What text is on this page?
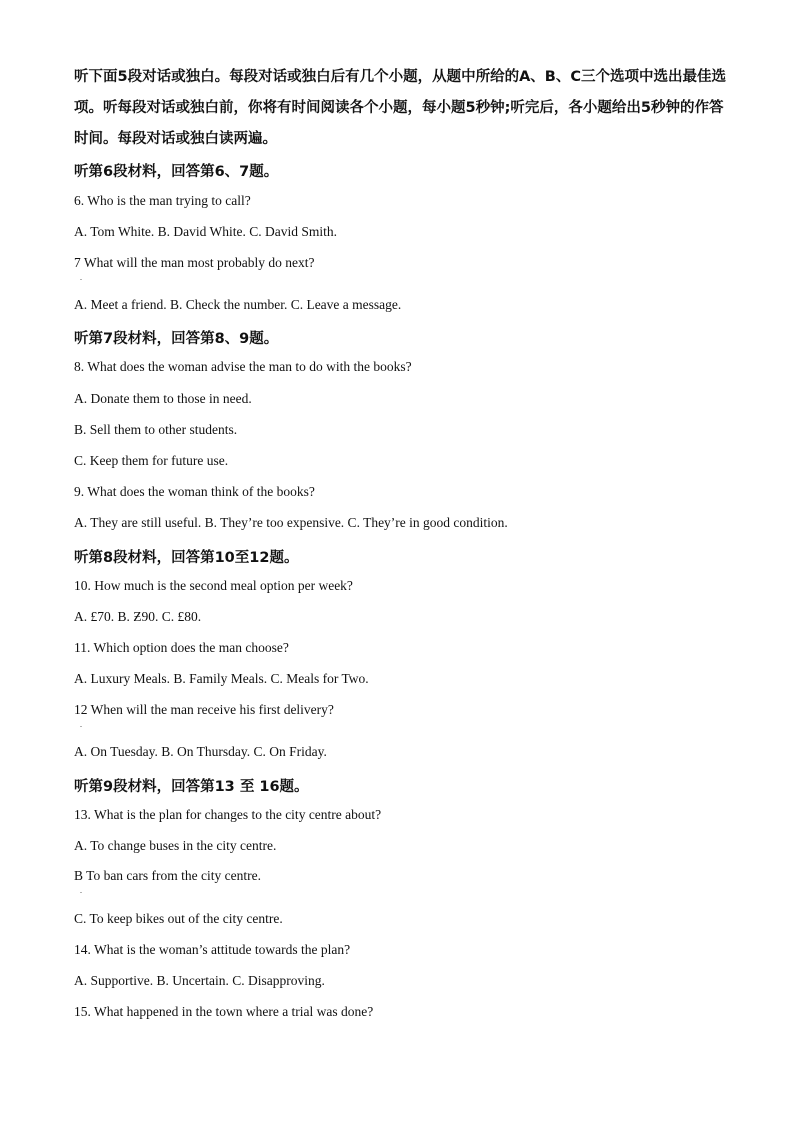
听下面5段对话或独白。每段对话或独白后有几个小题，从题中所给的A、B、C三个选项中选出最佳选项。听每段对话或独白前，你将有时间阅读各个小题，每小题5秒钟;听完后，各小题给出5秒钟的作答时间。每段对话或独白读两遍。

听第6段材料，回答第6、7题。

6. Who is the man trying to call?

A. Tom White. B. David White. C. David Smith.

7 What will the man most probably do next?

.

A. Meet a friend. B. Check the number. C. Leave a message.

听第7段材料，回答第8、9题。

8. What does the woman advise the man to do with the books?

A. Donate them to those in need.

B. Sell them to other students.

C. Keep them for future use.

9. What does the woman think of the books?

A. They are still useful. B. They’re too expensive. C. They’re in good condition.

听第8段材料，回答第10至12题。

10. How much is the second meal option per week?

A. £70. B. Ƶ90. C. £80.

11. Which option does the man choose?

A. Luxury Meals. B. Family Meals. C. Meals for Two.

12 When will the man receive his first delivery?

.

A. On Tuesday. B. On Thursday. C. On Friday.

听第9段材料，回答第13 至 16题。

13. What is the plan for changes to the city centre about?

A. To change buses in the city centre.

B To ban cars from the city centre.

.

C. To keep bikes out of the city centre.

14. What is the woman’s attitude towards the plan?

A. Supportive. B. Uncertain. C. Disapproving.

15. What happened in the town where a trial was done?
